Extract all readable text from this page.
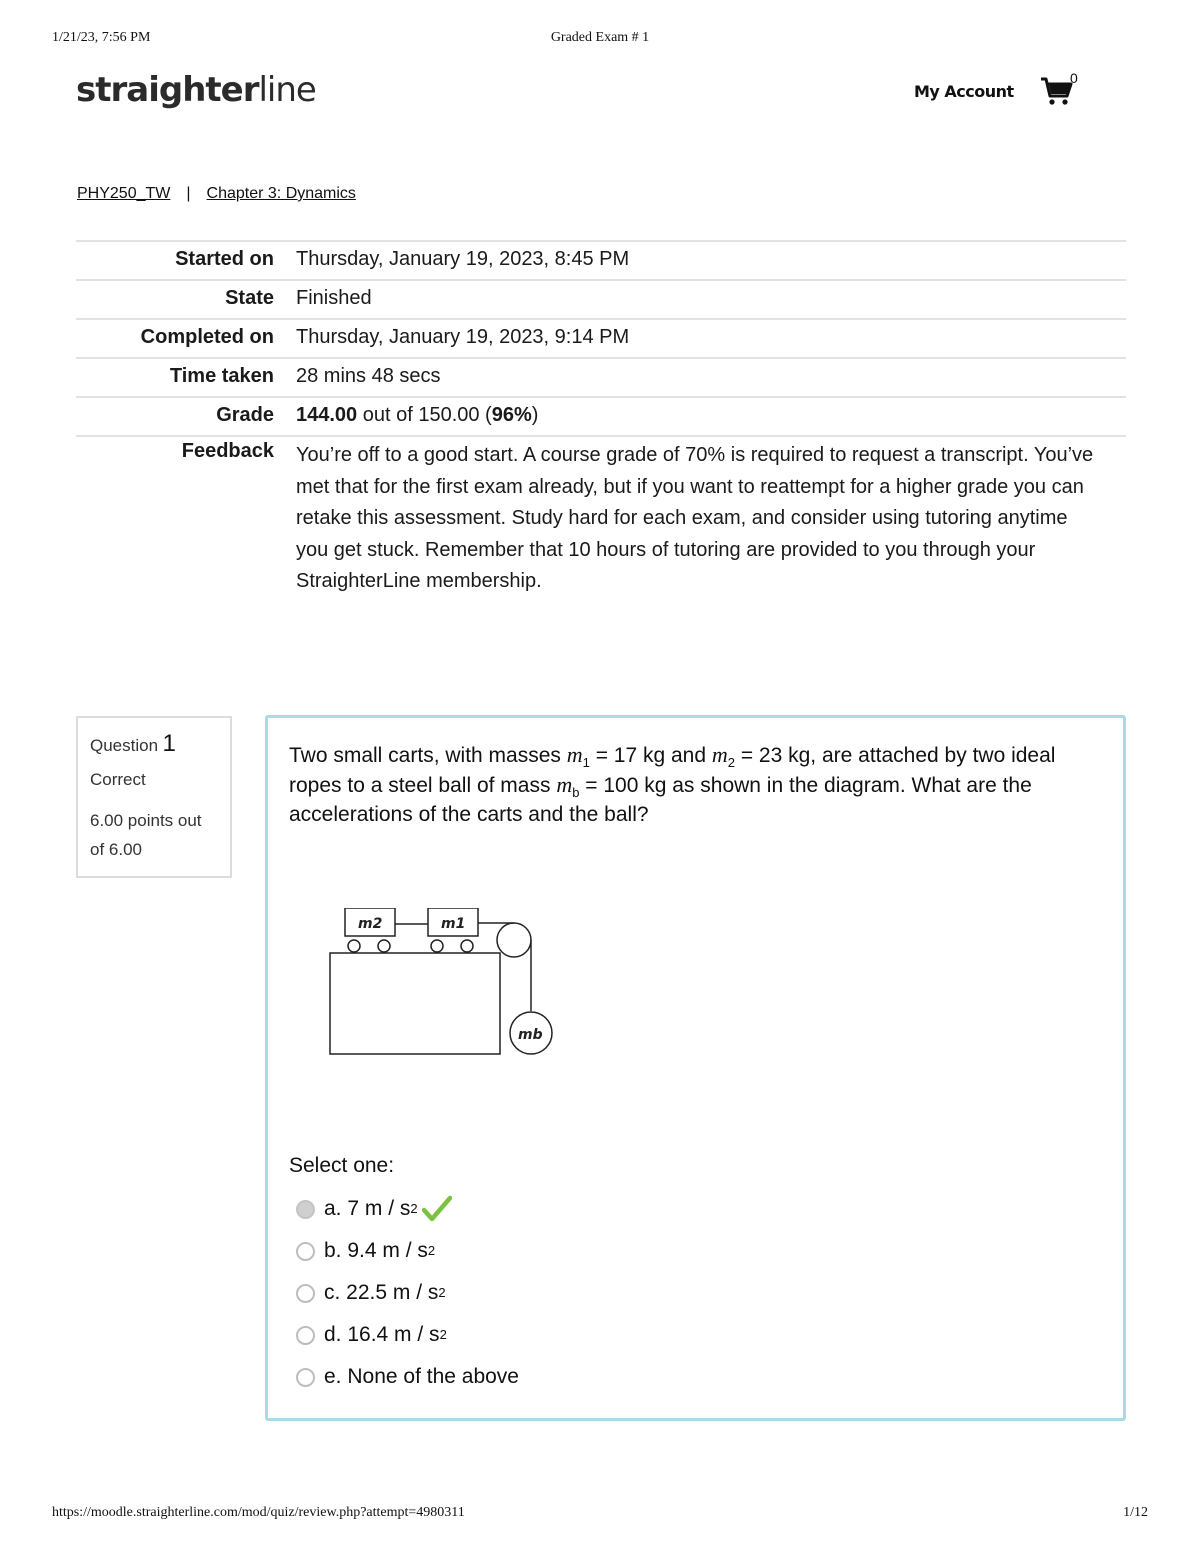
1/21/23, 7:56 PM	Graded Exam # 1
straighterline	My Account
0
PHY250_TW | Chapter 3: Dynamics
Started on	Thursday, January 19, 2023, 8:45 PM
State	Finished
Completed on	Thursday, January 19, 2023, 9:14 PM
Time taken	28 mins 48 secs
Grade	144.00 out of 150.00 (96%)
Feedback	You’re off to a good start. A course grade of 70% is required to request a transcript. You’ve met that for the first exam already, but if you want to reattempt for a higher grade you can retake this assessment. Study hard for each exam, and consider using tutoring anytime you get stuck. Remember that 10 hours of tutoring are provided to you through your StraighterLine membership.
Question 1
Correct
6.00 points out of 6.00
Two small carts, with masses $m_1 = 17$ kg and $m_2 = 23$ kg, are attached by two ideal ropes to a steel ball of mass $m_b = 100$ kg as shown in the diagram. What are the accelerations of the carts and the ball?
m2	m1
mb
Select one:
a. 7 m / s 2
b. 9.4 m / s 2
c. 22.5 m / s 2
d. 16.4 m / s 2
e. None of the above
https://moodle.straighterline.com/mod/quiz/review.php?attempt=4980311	1/12
